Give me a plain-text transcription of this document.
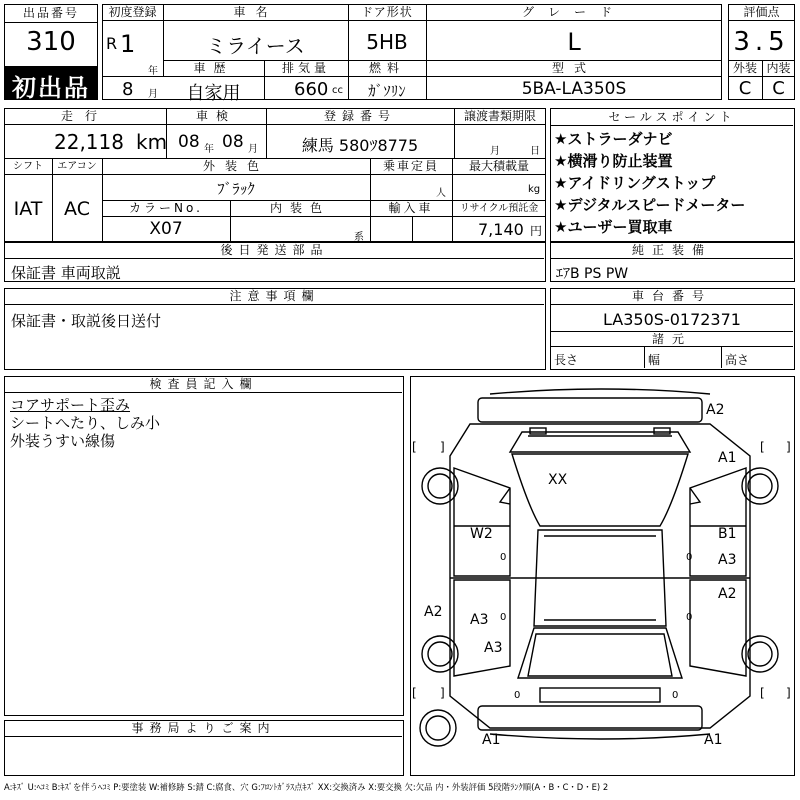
出品番号
310
初出品
初度登録
R 1
年
8 月
車名
ミライース
ドア形状
5HB
グレード
L
車歴
自家用
排気量
660 cc
燃料
ｶﾞｿﾘﾝ
型式
5BA-LA350S
評価点
3.5
外装 内装
C	C
走行
22,118 km
車検
08 年 08 月
登録番号
練馬 580ﾂ8775
譲渡書類期限
月	日
シフト
IAT
エアコン
AC
外装色
ﾌﾞﾗｯｸ
乗車定員
人
最大積載量
kg
カラーNo.
X07
内装色
系
輸入車	リサイクル預託金
7,140 円
セールスポイント
★ストラーダナビ
★横滑り防止装置
★アイドリングストップ
★デジタルスピードメーター
★ユーザー買取車
後日発送部品
保証書 車両取説
純正装備
ｴｱB PS PW
注意事項欄
保証書・取説後日送付
車台番号
LA350S-0172371
諸元
長さ	幅	高さ
検査員記入欄
コアサポート歪み
シートへたり、しみ小
外装うすい線傷
事務局よりご案内
A2
A1
XX
W2	B1
A3
A2
A2 A3
A3
A1	A1
0	0
0	0
0	0
[ ]	[ ]
[ ]	[ ]
A:ｷｽﾞ U:ﾍｺﾐ B:ｷｽﾞを伴うﾍｺﾐ P:要塗装 W:補修跡 S:錆 C:腐食、穴 G:ﾌﾛﾝﾄｶﾞﾗｽ点ｷｽﾞ XX:交換済み X:要交換 欠:欠品 内・外装評価 5段階ﾗﾝｸ順(A・B・C・D・E) 2
